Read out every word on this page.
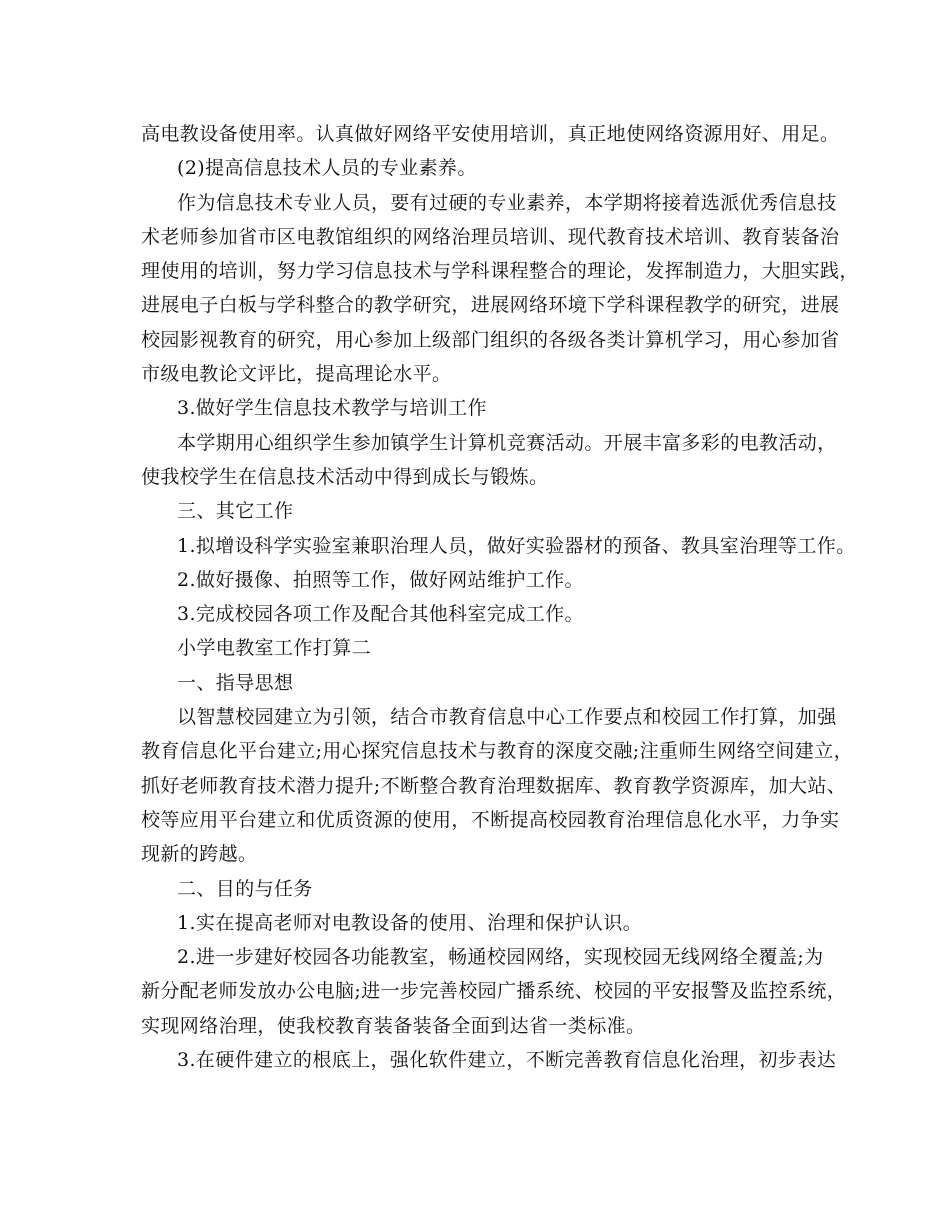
高电教设备使用率。认真做好网络平安使用培训，真正地使网络资源用好、用足。
(2)提高信息技术人员的专业素养。
作为信息技术专业人员，要有过硬的专业素养，本学期将接着选派优秀信息技
术老师参加省市区电教馆组织的网络治理员培训、现代教育技术培训、教育装备治
理使用的培训，努力学习信息技术与学科课程整合的理论，发挥制造力，大胆实践，
进展电子白板与学科整合的教学研究，进展网络环境下学科课程教学的研究，进展
校园影视教育的研究，用心参加上级部门组织的各级各类计算机学习，用心参加省
市级电教论文评比，提高理论水平。
3.做好学生信息技术教学与培训工作
本学期用心组织学生参加镇学生计算机竞赛活动。开展丰富多彩的电教活动，
使我校学生在信息技术活动中得到成长与锻炼。
三、其它工作
1.拟增设科学实验室兼职治理人员，做好实验器材的预备、教具室治理等工作。
2.做好摄像、拍照等工作，做好网站维护工作。
3.完成校园各项工作及配合其他科室完成工作。
小学电教室工作打算二
一、指导思想
以智慧校园建立为引领，结合市教育信息中心工作要点和校园工作打算，加强
教育信息化平台建立;用心探究信息技术与教育的深度交融;注重师生网络空间建立，
抓好老师教育技术潜力提升;不断整合教育治理数据库、教育教学资源库，加大站、
校等应用平台建立和优质资源的使用，不断提高校园教育治理信息化水平，力争实
现新的跨越。
二、目的与任务
1.实在提高老师对电教设备的使用、治理和保护认识。
2.进一步建好校园各功能教室，畅通校园网络，实现校园无线网络全覆盖;为
新分配老师发放办公电脑;进一步完善校园广播系统、校园的平安报警及监控系统，
实现网络治理，使我校教育装备装备全面到达省一类标准。
3.在硬件建立的根底上，强化软件建立，不断完善教育信息化治理，初步表达
